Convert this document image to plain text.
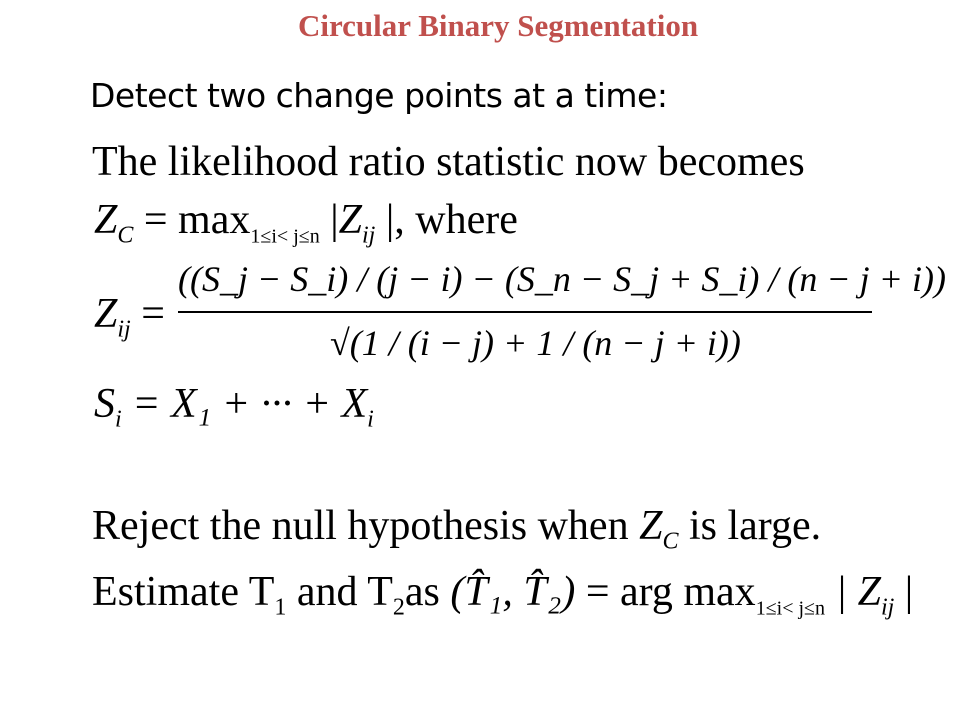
Circular Binary Segmentation
Detect two change points at a time:
The likelihood ratio statistic now becomes
$Z_C = \max_{1\le i< j\le n} |Z_{ij}$ |, where
$Z_{ij}$ =
((S_j − S_i) / (j − i) − (S_n − S_j + S_i) / (n − j + i))
√(1 / (i − j) + 1 / (n − j + i))
$S_i = X_1$ + ··· + $X_i$
Reject the null hypothesis when $Z_C$ is large.
Estimate $T_1$ and $T_2as$ (T̂₁, T̂₂) = arg $\max_{1\le i< j\le n}$ | $Z_{ij}$ |
